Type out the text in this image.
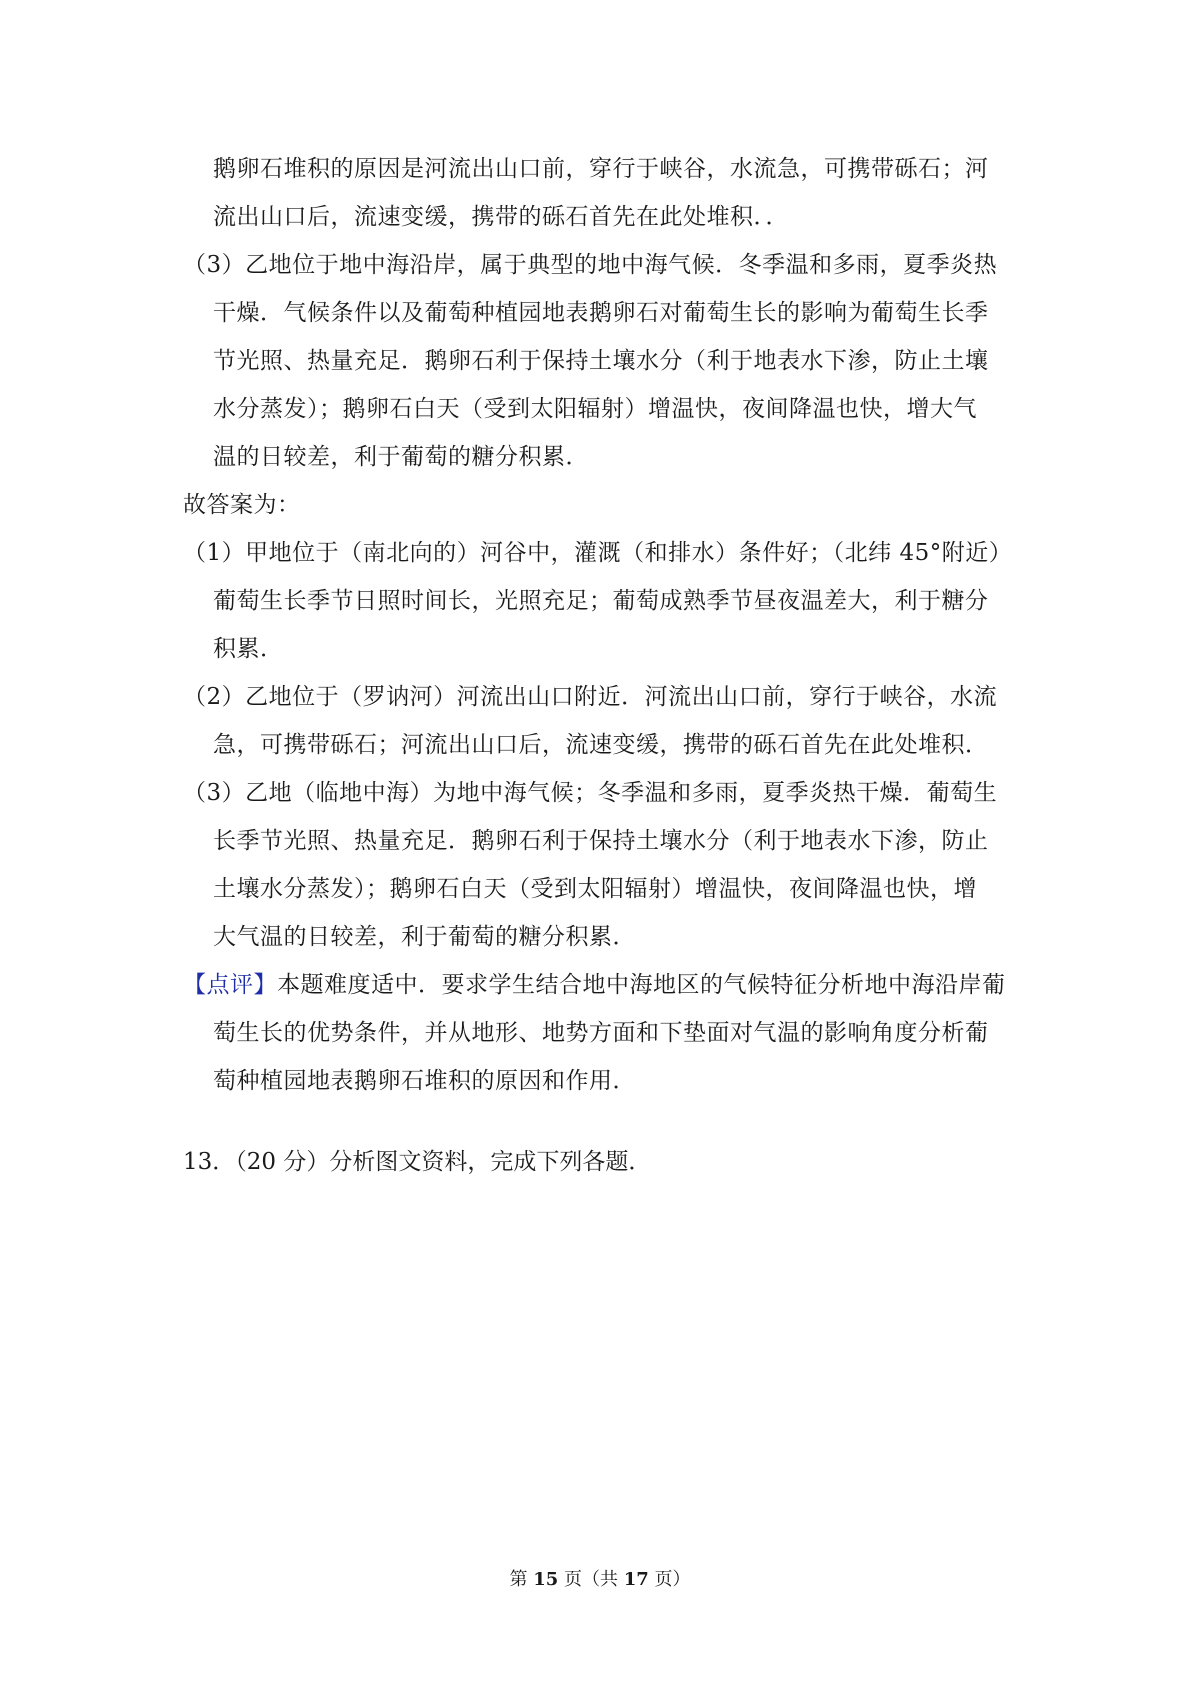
鹅卵石堆积的原因是河流出山口前，穿行于峡谷，水流急，可携带砾石；河
流出山口后，流速变缓，携带的砾石首先在此处堆积．．
（3）乙地位于地中海沿岸，属于典型的地中海气候．冬季温和多雨，夏季炎热
干燥．气候条件以及葡萄种植园地表鹅卵石对葡萄生长的影响为葡萄生长季
节光照、热量充足．鹅卵石利于保持土壤水分（利于地表水下渗，防止土壤
水分蒸发）；鹅卵石白天（受到太阳辐射）增温快，夜间降温也快，增大气
温的日较差，利于葡萄的糖分积累．
故答案为：
（1）甲地位于（南北向的）河谷中，灌溉（和排水）条件好；（北纬 45°附近）
葡萄生长季节日照时间长，光照充足；葡萄成熟季节昼夜温差大，利于糖分
积累．
（2）乙地位于（罗讷河）河流出山口附近．河流出山口前，穿行于峡谷，水流
急，可携带砾石；河流出山口后，流速变缓，携带的砾石首先在此处堆积．
（3）乙地（临地中海）为地中海气候；冬季温和多雨，夏季炎热干燥．葡萄生
长季节光照、热量充足．鹅卵石利于保持土壤水分（利于地表水下渗，防止
土壤水分蒸发）；鹅卵石白天（受到太阳辐射）增温快，夜间降温也快，增
大气温的日较差，利于葡萄的糖分积累．
【点评】本题难度适中．要求学生结合地中海地区的气候特征分析地中海沿岸葡
萄生长的优势条件，并从地形、地势方面和下垫面对气温的影响角度分析葡
萄种植园地表鹅卵石堆积的原因和作用．
13．（20 分）分析图文资料，完成下列各题．
第 15 页（共 17 页）
